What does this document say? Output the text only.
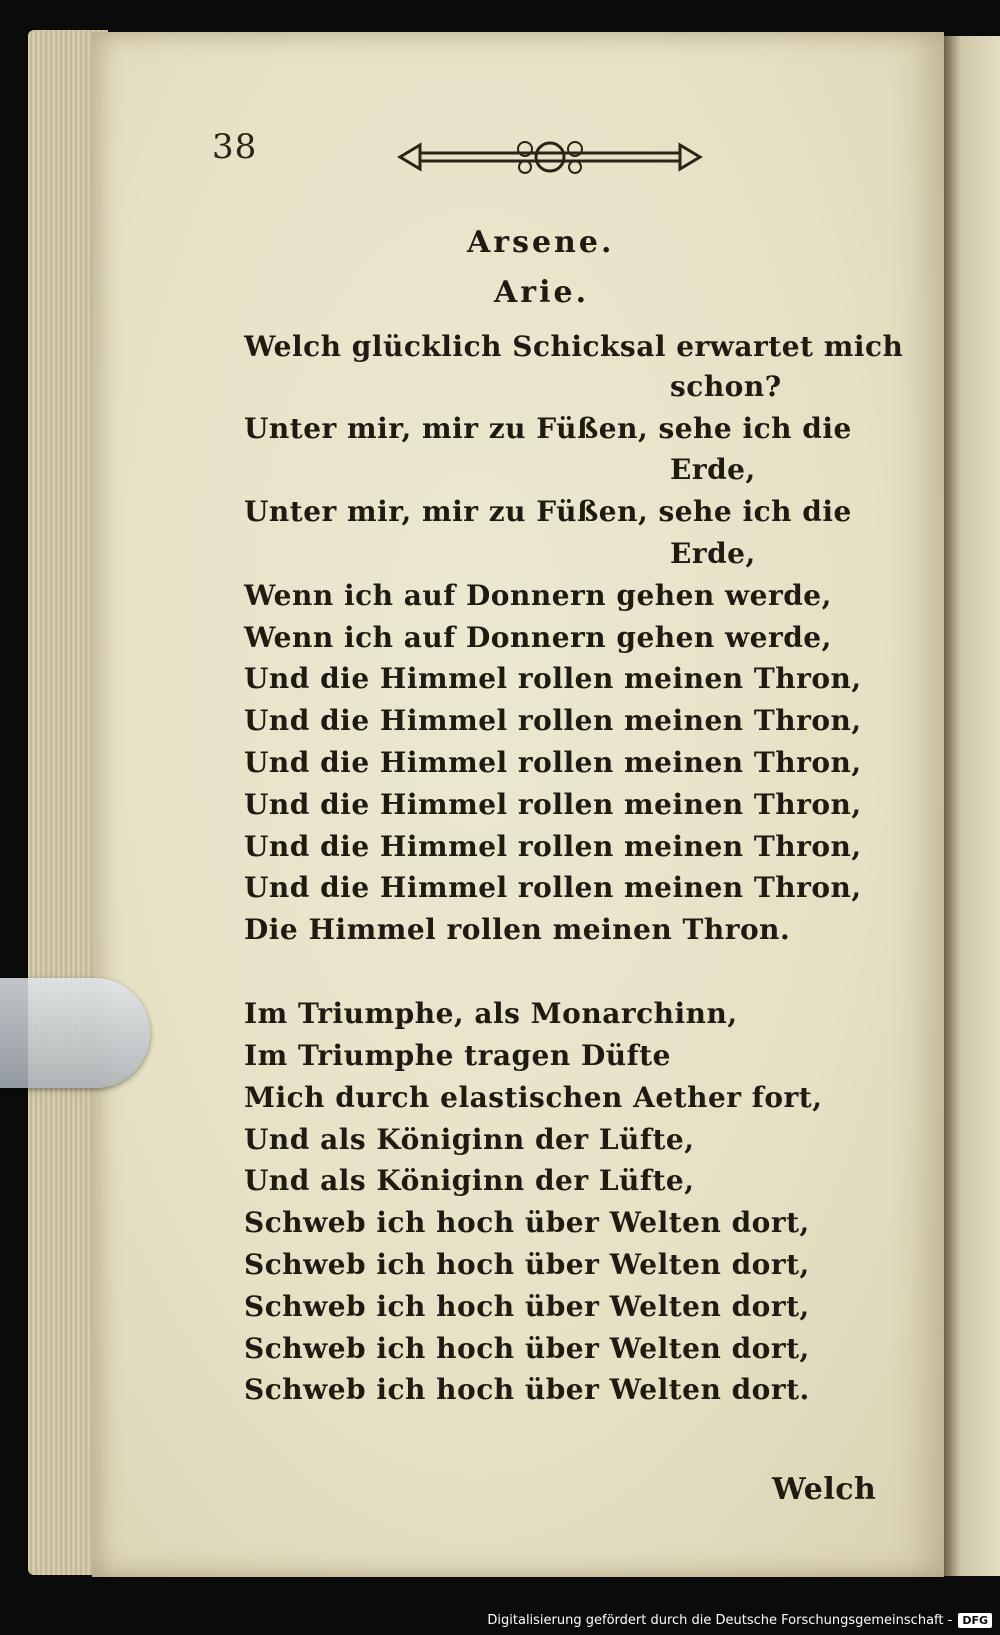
38
Arsene.
Arie.
Welch glücklich Schicksal erwartet mich
schon?
Unter mir, mir zu Füßen, sehe ich die
Erde,
Unter mir, mir zu Füßen, sehe ich die
Erde,
Wenn ich auf Donnern gehen werde,
Wenn ich auf Donnern gehen werde,
Und die Himmel rollen meinen Thron,
Und die Himmel rollen meinen Thron,
Und die Himmel rollen meinen Thron,
Und die Himmel rollen meinen Thron,
Und die Himmel rollen meinen Thron,
Und die Himmel rollen meinen Thron,
Die Himmel rollen meinen Thron.
Im Triumphe, als Monarchinn,
Im Triumphe tragen Düfte
Mich durch elastischen Aether fort,
Und als Königinn der Lüfte,
Und als Königinn der Lüfte,
Schweb ich hoch über Welten dort,
Schweb ich hoch über Welten dort,
Schweb ich hoch über Welten dort,
Schweb ich hoch über Welten dort,
Schweb ich hoch über Welten dort.
Welch
Digitalisierung gefördert durch die Deutsche Forschungsgemeinschaft - DFG
